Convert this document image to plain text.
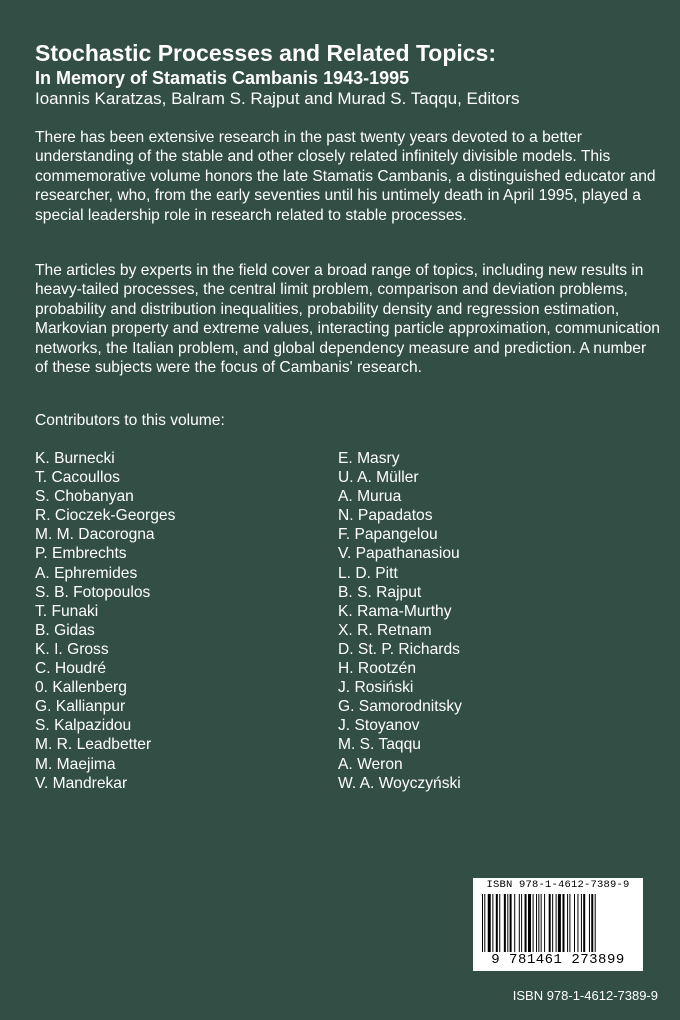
Stochastic Processes and Related Topics:
In Memory of Stamatis Cambanis 1943-1995
Ioannis Karatzas, Balram S. Rajput and Murad S. Taqqu, Editors

There has been extensive research in the past twenty years devoted to a better understanding of the stable and other closely related infinitely divisible models. This commemorative volume honors the late Stamatis Cambanis, a distinguished educator and researcher, who, from the early seventies until his untimely death in April 1995, played a special leadership role in research related to stable processes.

The articles by experts in the field cover a broad range of topics, including new results in heavy-tailed processes, the central limit problem, comparison and deviation problems, probability and distribution inequalities, probability density and regression estimation, Markovian property and extreme values, interacting particle approximation, communication networks, the Italian problem, and global dependency measure and prediction. A number of these subjects were the focus of Cambanis' research.

Contributors to this volume:
K. Burnecki
T. Cacoullos
S. Chobanyan
R. Cioczek-Georges
M. M. Dacorogna
P. Embrechts
A. Ephremides
S. B. Fotopoulos
T. Funaki
B. Gidas
K. I. Gross
C. Houdré
0. Kallenberg
G. Kallianpur
S. Kalpazidou
M. R. Leadbetter
M. Maejima
V. Mandrekar
E. Masry
U. A. Müller
A. Murua
N. Papadatos
F. Papangelou
V. Papathanasiou
L. D. Pitt
B. S. Rajput
K. Rama-Murthy
X. R. Retnam
D. St. P. Richards
H. Rootzén
J. Rosiński
G. Samorodnitsky
J. Stoyanov
M. S. Taqqu
A. Weron
W. A. Woyczyński
ISBN 978-1-4612-7389-9
9 781461 273899
ISBN 978-1-4612-7389-9
